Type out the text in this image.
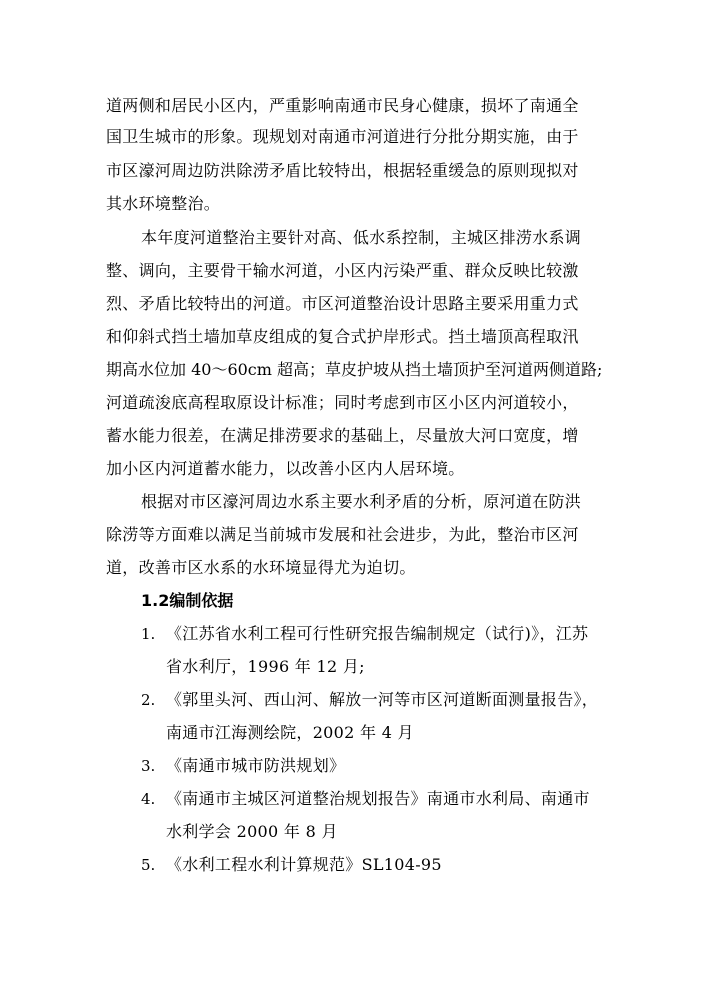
道两侧和居民小区内，严重影响南通市民身心健康，损坏了南通全
国卫生城市的形象。现规划对南通市河道进行分批分期实施，由于
市区濠河周边防洪除涝矛盾比较特出，根据轻重缓急的原则现拟对
其水环境整治。
本年度河道整治主要针对高、低水系控制，主城区排涝水系调
整、调向，主要骨干输水河道，小区内污染严重、群众反映比较激
烈、矛盾比较特出的河道。市区河道整治设计思路主要采用重力式
和仰斜式挡土墙加草皮组成的复合式护岸形式。挡土墙顶高程取汛
期高水位加 40～60cm 超高；草皮护坡从挡土墙顶护至河道两侧道路;
河道疏浚底高程取原设计标准；同时考虑到市区小区内河道较小，
蓄水能力很差，在满足排涝要求的基础上，尽量放大河口宽度，增
加小区内河道蓄水能力，以改善小区内人居环境。
根据对市区濠河周边水系主要水利矛盾的分析，原河道在防洪
除涝等方面难以满足当前城市发展和社会进步，为此，整治市区河
道，改善市区水系的水环境显得尤为迫切。
1.2编制依据
1. 《江苏省水利工程可行性研究报告编制规定（试行)》，江苏
省水利厅，1996 年 12 月;
2. 《郭里头河、西山河、解放一河等市区河道断面测量报告》，
南通市江海测绘院，2002 年 4 月
3. 《南通市城市防洪规划》
4. 《南通市主城区河道整治规划报告》南通市水利局、南通市
水利学会 2000 年 8 月
5. 《水利工程水利计算规范》SL104-95
